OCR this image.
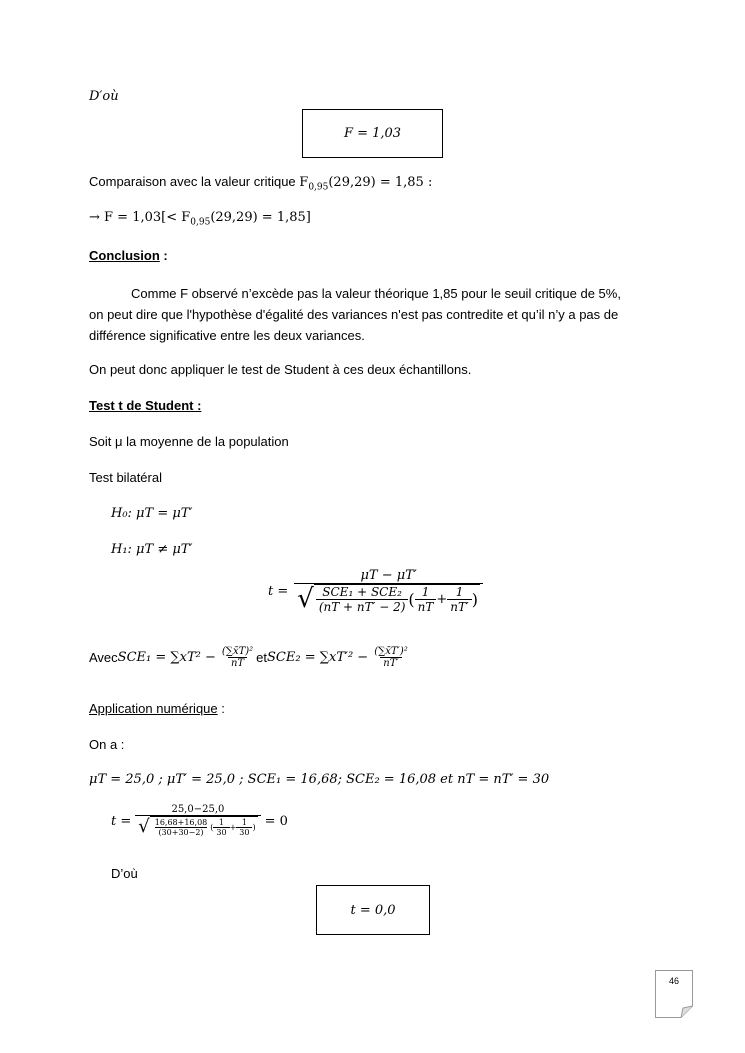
D′où
F = 1,03
Comparaison avec la valeur critique $F_{0,95}(29,29) = 1,85$ :
→ $F = 1,03[< F_{0,95}(29,29) = 1,85]$
Conclusion :
Comme F observé n’excède pas la valeur théorique 1,85 pour le seuil critique de 5%,
on peut dire que l'hypothèse d'égalité des variances n'est pas contredite et qu’il n’y a pas de
différence significative entre les deux variances.
On peut donc appliquer le test de Student à ces deux échantillons.
Test t de Student :
Soit μ la moyenne de la population
Test bilatéral
H₀: μT = μT′
H₁: μT ≠ μT′
t =
μT − μT′
√ $\frac{\text{SCE₁ + SCE₂}}{(nT + nT' - 2)}$ ( $\frac{1}{nT} + \frac{1}{nT'}$ )
Avec $SCE_1 = \sum xT^2 - \frac{\text{(∑x̄T)²}}{nT}$ et $SCE_2 = \sum xT'^2 - \frac{\text{(∑x̄T′)²}}{nT'}$
Application numérique :
On a :
μT = 25,0 ; μT′ = 25,0 ; SCE₁ = 16,68; SCE₂ = 16,08 et nT = nT′ = 30
t =
25,0−25,0
√ $\frac{16,68+16,08}{(30+30-2)}$ ( $\frac{1}{30} + \frac{1}{30}$ ) = 0
D’où
t = 0,0
46
